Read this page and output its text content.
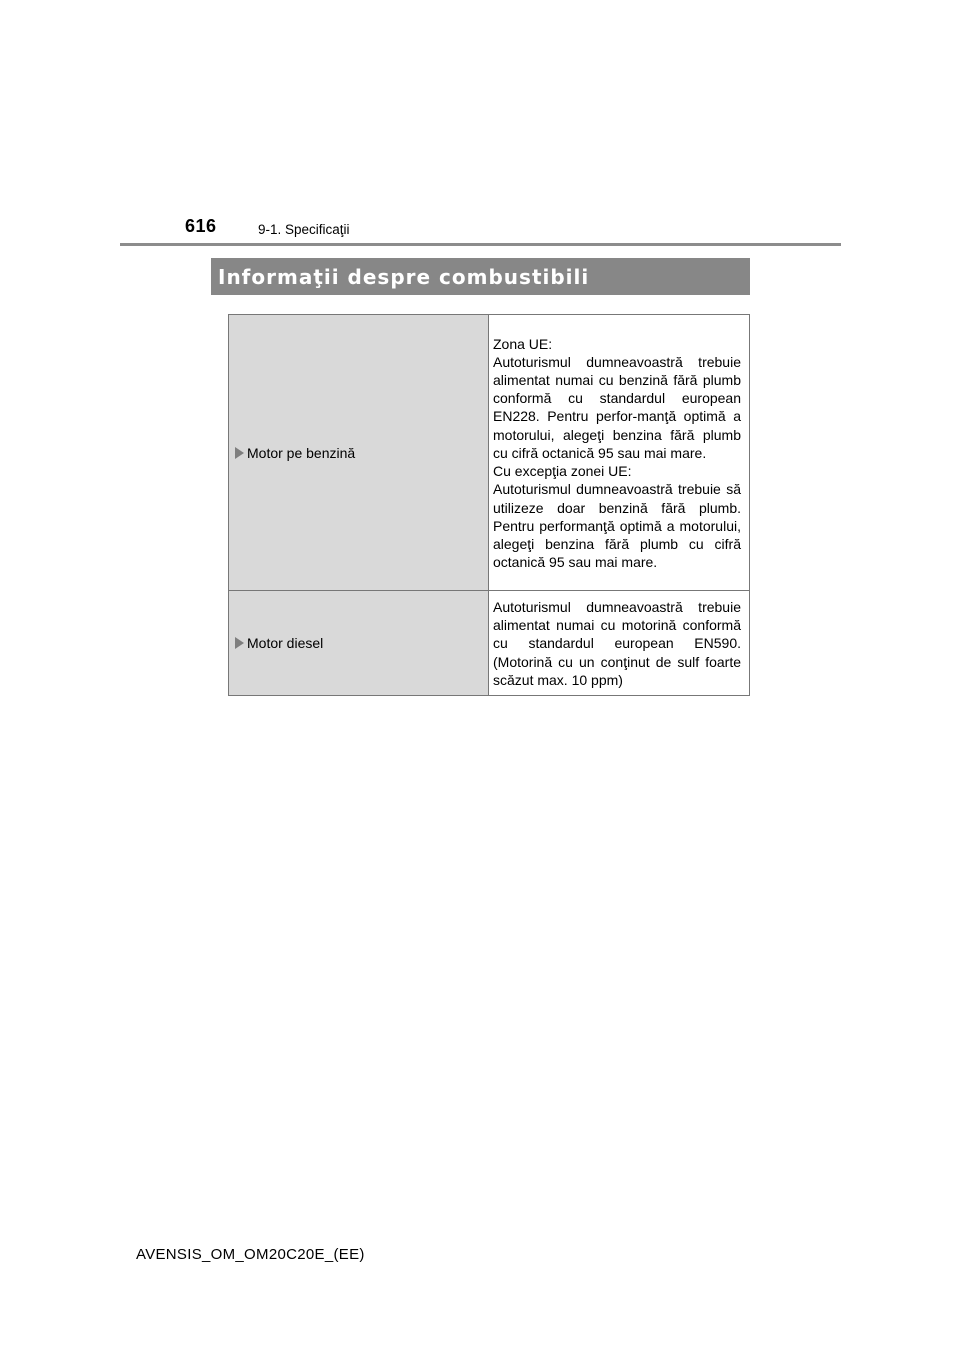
616	9-1. Specificaţii
Informaţii despre combustibili
Motor pe benzină	Zona UE:

Autoturismul dumneavoastră trebuie alimentat numai cu benzină fără plumb conformă cu standardul european EN228. Pentru perfor-manţă optimă a motorului, alegeţi benzina fără plumb cu cifră octanică 95 sau mai mare.

Cu excepţia zonei UE:

Autoturismul dumneavoastră trebuie să utilizeze doar benzină fără plumb. Pentru performanţă optimă a motorului, alegeţi benzina fără plumb cu cifră octanică 95 sau mai mare.

Motor diesel	Autoturismul dumneavoastră trebuie alimentat numai cu motorină conformă cu standardul european EN590. (Motorină cu un conţinut de sulf foarte scăzut max. 10 ppm)

AVENSIS_OM_OM20C20E_(EE)
